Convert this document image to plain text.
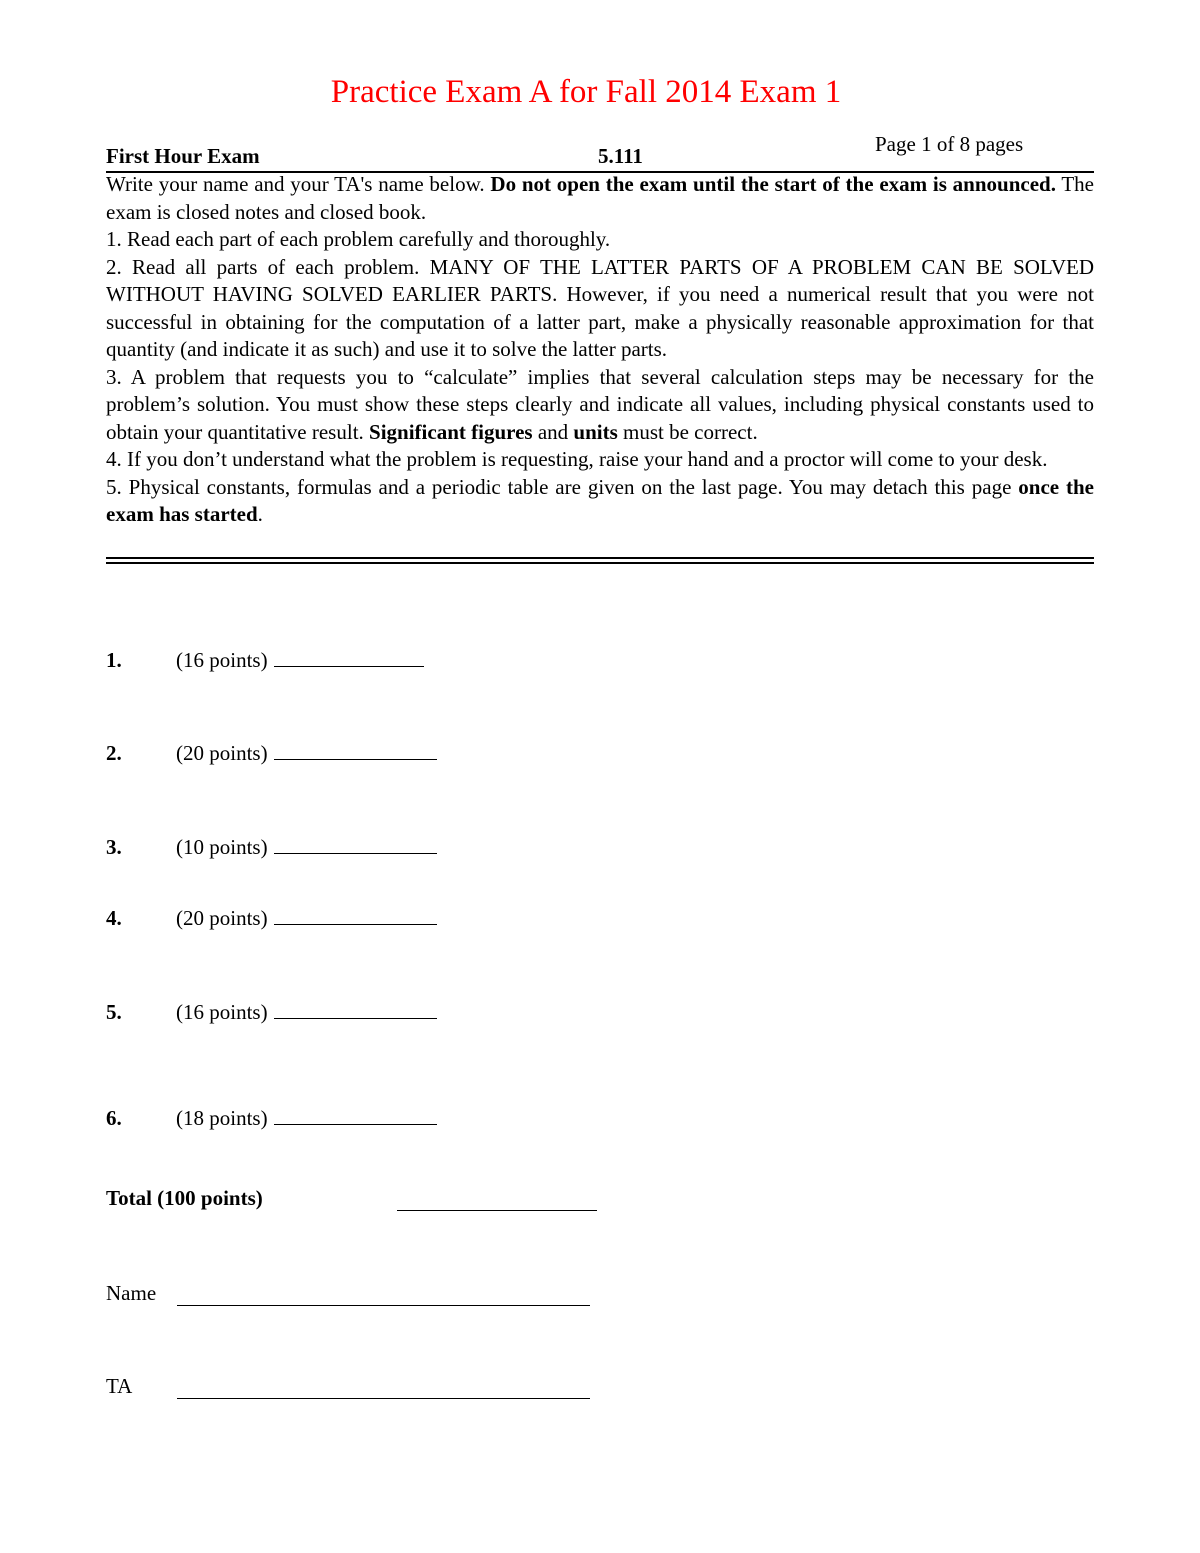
Practice Exam A for Fall 2014 Exam 1
First Hour Exam	5.111	Page 1 of 8 pages

Write your name and your TA's name below. Do not open the exam until the start of the exam is announced. The exam is closed notes and closed book.

1. Read each part of each problem carefully and thoroughly.

2. Read all parts of each problem. MANY OF THE LATTER PARTS OF A PROBLEM CAN BE SOLVED WITHOUT HAVING SOLVED EARLIER PARTS. However, if you need a numerical result that you were not successful in obtaining for the computation of a latter part, make a physically reasonable approximation for that quantity (and indicate it as such) and use it to solve the latter parts.

3. A problem that requests you to “calculate” implies that several calculation steps may be necessary for the problem’s solution. You must show these steps clearly and indicate all values, including physical constants used to obtain your quantitative result. Significant figures and units must be correct.

4. If you don’t understand what the problem is requesting, raise your hand and a proctor will come to your desk.

5. Physical constants, formulas and a periodic table are given on the last page. You may detach this page once the exam has started.

1.	(16 points)
2.	(20 points)
3.	(10 points)
4.	(20 points)
5.	(16 points)
6.	(18 points)
Total (100 points)
Name
TA
